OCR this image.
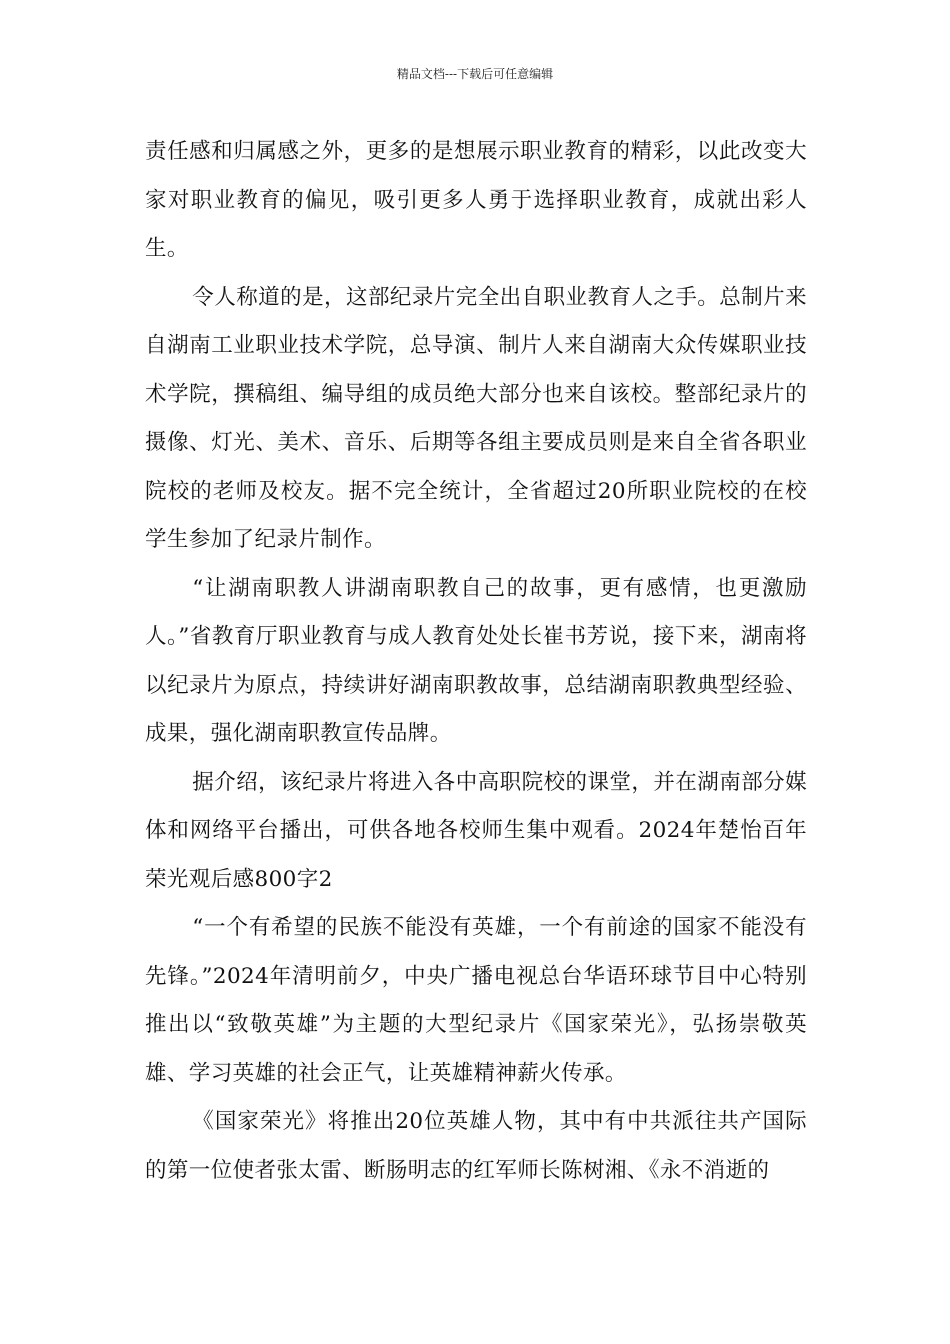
精品文档---下载后可任意编辑

责任感和归属感之外，更多的是想展示职业教育的精彩，以此改变大家对职业教育的偏见，吸引更多人勇于选择职业教育，成就出彩人生。

令人称道的是，这部纪录片完全出自职业教育人之手。总制片来自湖南工业职业技术学院，总导演、制片人来自湖南大众传媒职业技术学院，撰稿组、编导组的成员绝大部分也来自该校。整部纪录片的摄像、灯光、美术、音乐、后期等各组主要成员则是来自全省各职业院校的老师及校友。据不完全统计，全省超过20所职业院校的在校学生参加了纪录片制作。

“让湖南职教人讲湖南职教自己的故事，更有感情，也更激励人。”省教育厅职业教育与成人教育处处长崔书芳说，接下来，湖南将以纪录片为原点，持续讲好湖南职教故事，总结湖南职教典型经验、成果，强化湖南职教宣传品牌。

据介绍，该纪录片将进入各中高职院校的课堂，并在湖南部分媒体和网络平台播出，可供各地各校师生集中观看。2024年楚怡百年荣光观后感800字2

“一个有希望的民族不能没有英雄，一个有前途的国家不能没有先锋。”2024年清明前夕，中央广播电视总台华语环球节目中心特别推出以“致敬英雄”为主题的大型纪录片《国家荣光》，弘扬崇敬英雄、学习英雄的社会正气，让英雄精神薪火传承。

《国家荣光》将推出20位英雄人物，其中有中共派往共产国际的第一位使者张太雷、断肠明志的红军师长陈树湘、《永不消逝的
